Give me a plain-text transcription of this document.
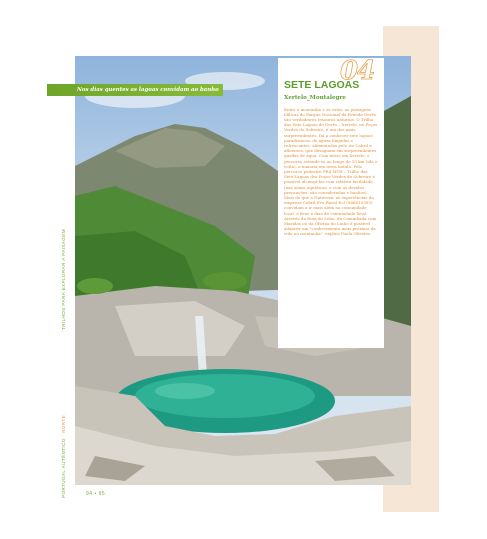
Nos dias quentes as lagoas convidam ao banho	SETE LAGOAS
Xertelo_Montalegre

Entre a montanha e os vales, as paisagens idílicas do Parque Nacional da Peneda-Gerês são verdadeiros tesouros naturais. O Trilho das Sete Lagoas do Gerês – Xertelo, no Poços Verdes do Sobreiro, é um dos mais surpreendentes. Dá a conhecer sete lagoas paradisíacas, de águas límpidas e refrescantes, alimentadas pelo rio Cabril e afluentes, que desaguam em surpreendentes quedas de água. Com início em Xertelo, o percurso estende-se ao longo de 10 km (ida e volta), a maioria em terra batida. Pelo percurso pedestre PR4 MTR – Trilho das Sete Lagoas dos Poços Verdes do Sobreiro é possível alcançá-las com relativa facilidade (nas zonas aquáticas, e com os devidos precauções, são consideradas e banhos).

Mais do que a Natureza, as experiências da empresa Cabril Eco Rural Ecl (966613393) convidam a ir mais além na comunidade local, a ficar a dias da comunidade local. Através da Rota do Lobo, da Caminhada com Maridas ou da Oficina do Linho é possível adquirir um "conhecimento mais próximo da vida na montanha", explica Paula Oliveira.

04
TRILHOS PARA EXPLORAR A PAISAGEM
PORTUGAL AUTÊNTICO · NORTE
94 • 95
